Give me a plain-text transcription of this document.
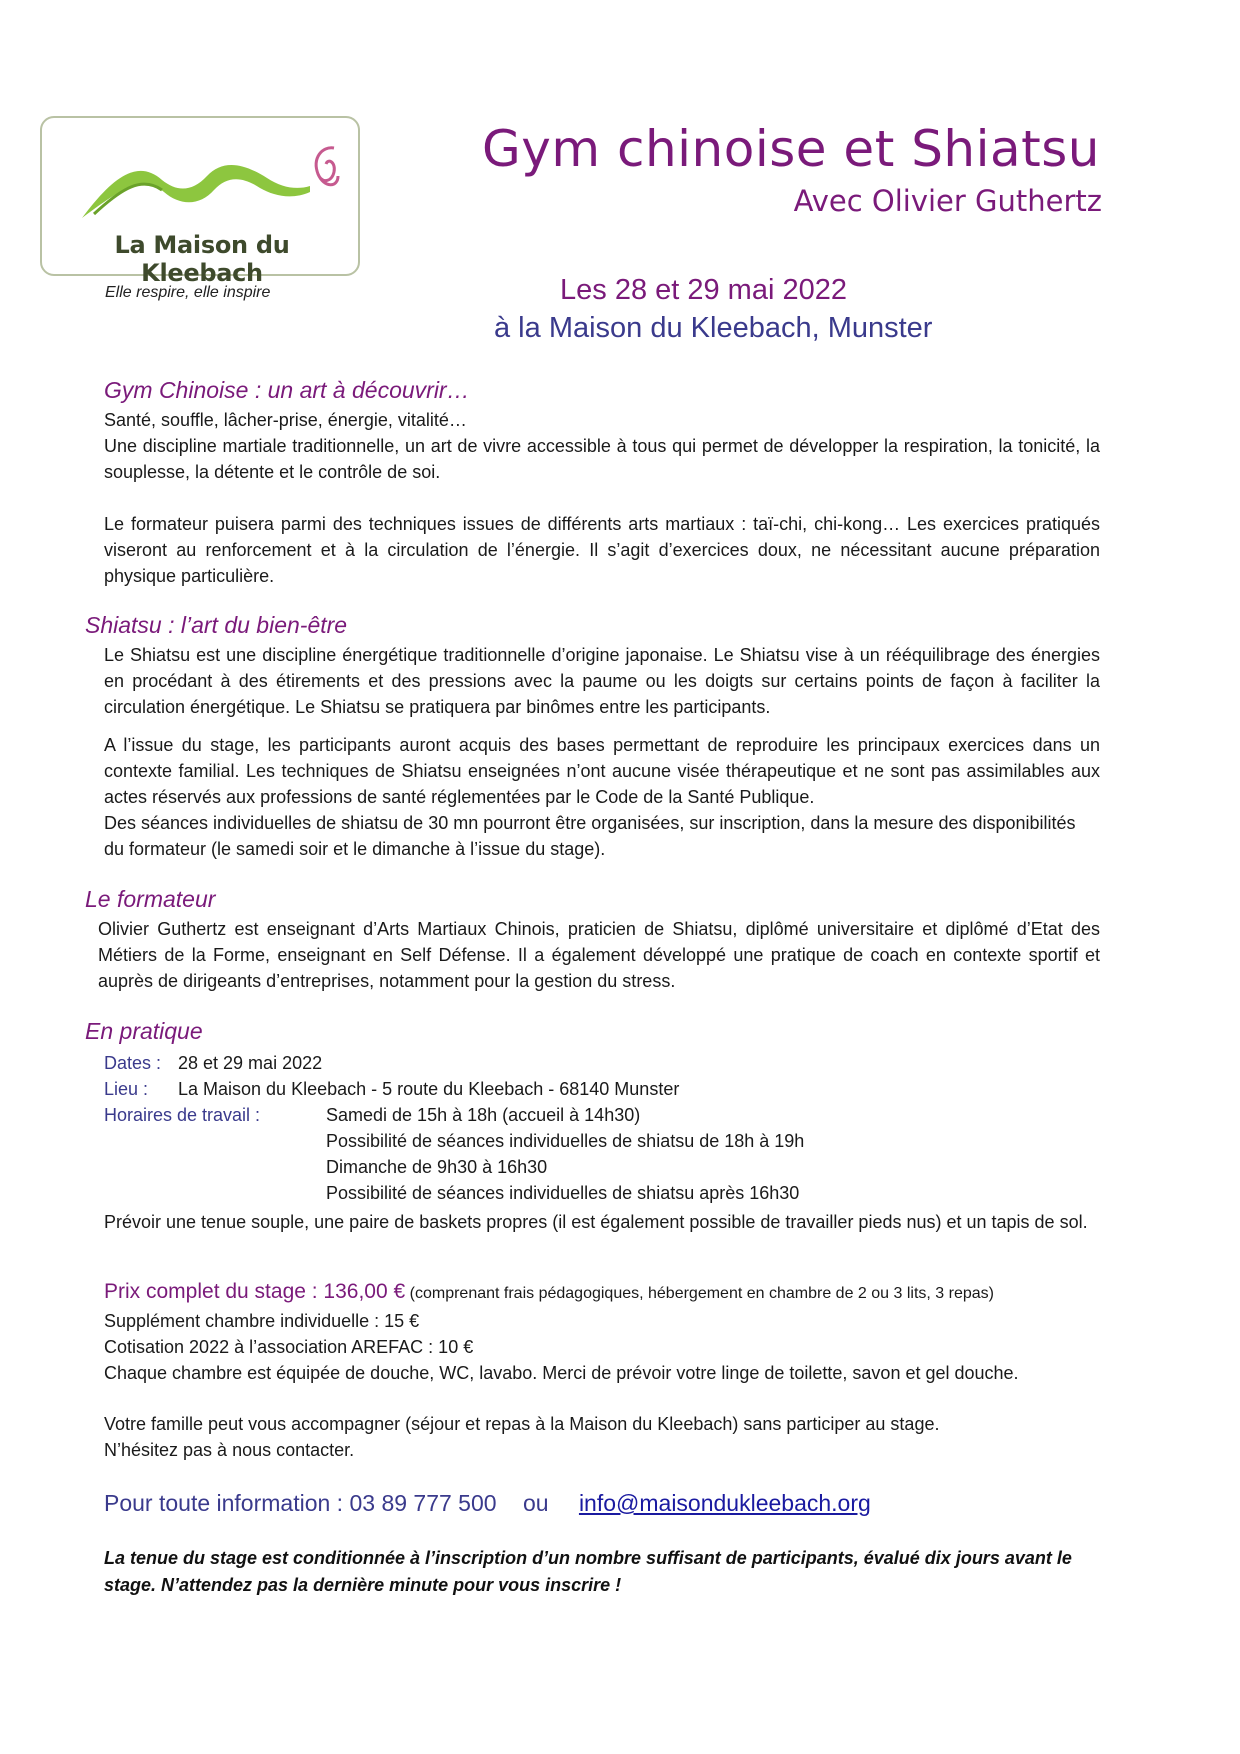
La Maison du Kleebach
Elle respire, elle inspire
Gym chinoise et Shiatsu
Avec Olivier Guthertz
Les 28 et 29 mai 2022
à la Maison du Kleebach, Munster
Gym Chinoise : un art à découvrir…

Santé, souffle, lâcher-prise, énergie, vitalité…

Une discipline martiale traditionnelle, un art de vivre accessible à tous qui permet de développer la respiration, la tonicité, la souplesse, la détente et le contrôle de soi.

Le formateur puisera parmi des techniques issues de différents arts martiaux : taï-chi, chi-kong… Les exercices pratiqués viseront au renforcement et à la circulation de l’énergie. Il s’agit d’exercices doux, ne nécessitant aucune préparation physique particulière.

Shiatsu : l’art du bien-être

Le Shiatsu est une discipline énergétique traditionnelle d’origine japonaise. Le Shiatsu vise à un rééquilibrage des énergies en procédant à des étirements et des pressions avec la paume ou les doigts sur certains points de façon à faciliter la circulation énergétique. Le Shiatsu se pratiquera par binômes entre les participants.

A l’issue du stage, les participants auront acquis des bases permettant de reproduire les principaux exercices dans un contexte familial. Les techniques de Shiatsu enseignées n’ont aucune visée thérapeutique et ne sont pas assimilables aux actes réservés aux professions de santé réglementées par le Code de la Santé Publique.

Des séances individuelles de shiatsu de 30 mn pourront être organisées, sur inscription, dans la mesure des disponibilités du formateur (le samedi soir et le dimanche à l’issue du stage).

Le formateur

Olivier Guthertz est enseignant d’Arts Martiaux Chinois, praticien de Shiatsu, diplômé universitaire et diplômé d’Etat des Métiers de la Forme, enseignant en Self Défense. Il a également développé une pratique de coach en contexte sportif et auprès de dirigeants d’entreprises, notamment pour la gestion du stress.

En pratique
Dates : 28 et 29 mai 2022
Lieu : La Maison du Kleebach - 5 route du Kleebach - 68140 Munster
Horaires de travail :	Samedi de 15h à 18h (accueil à 14h30)
Possibilité de séances individuelles de shiatsu de 18h à 19h
Dimanche de 9h30 à 16h30
Possibilité de séances individuelles de shiatsu après 16h30

Prévoir une tenue souple, une paire de baskets propres (il est également possible de travailler pieds nus) et un tapis de sol.

Prix complet du stage : 136,00 € (comprenant frais pédagogiques, hébergement en chambre de 2 ou 3 lits, 3 repas)
Supplément chambre individuelle : 15 €
Cotisation 2022 à l’association AREFAC : 10 €
Chaque chambre est équipée de douche, WC, lavabo. Merci de prévoir votre linge de toilette, savon et gel douche.
Votre famille peut vous accompagner (séjour et repas à la Maison du Kleebach) sans participer au stage.
N’hésitez pas à nous contacter.
Pour toute information : 03 89 777 500 ou info@maisondukleebach.org
La tenue du stage est conditionnée à l’inscription d’un nombre suffisant de participants, évalué dix jours avant le stage. N’attendez pas la dernière minute pour vous inscrire !
